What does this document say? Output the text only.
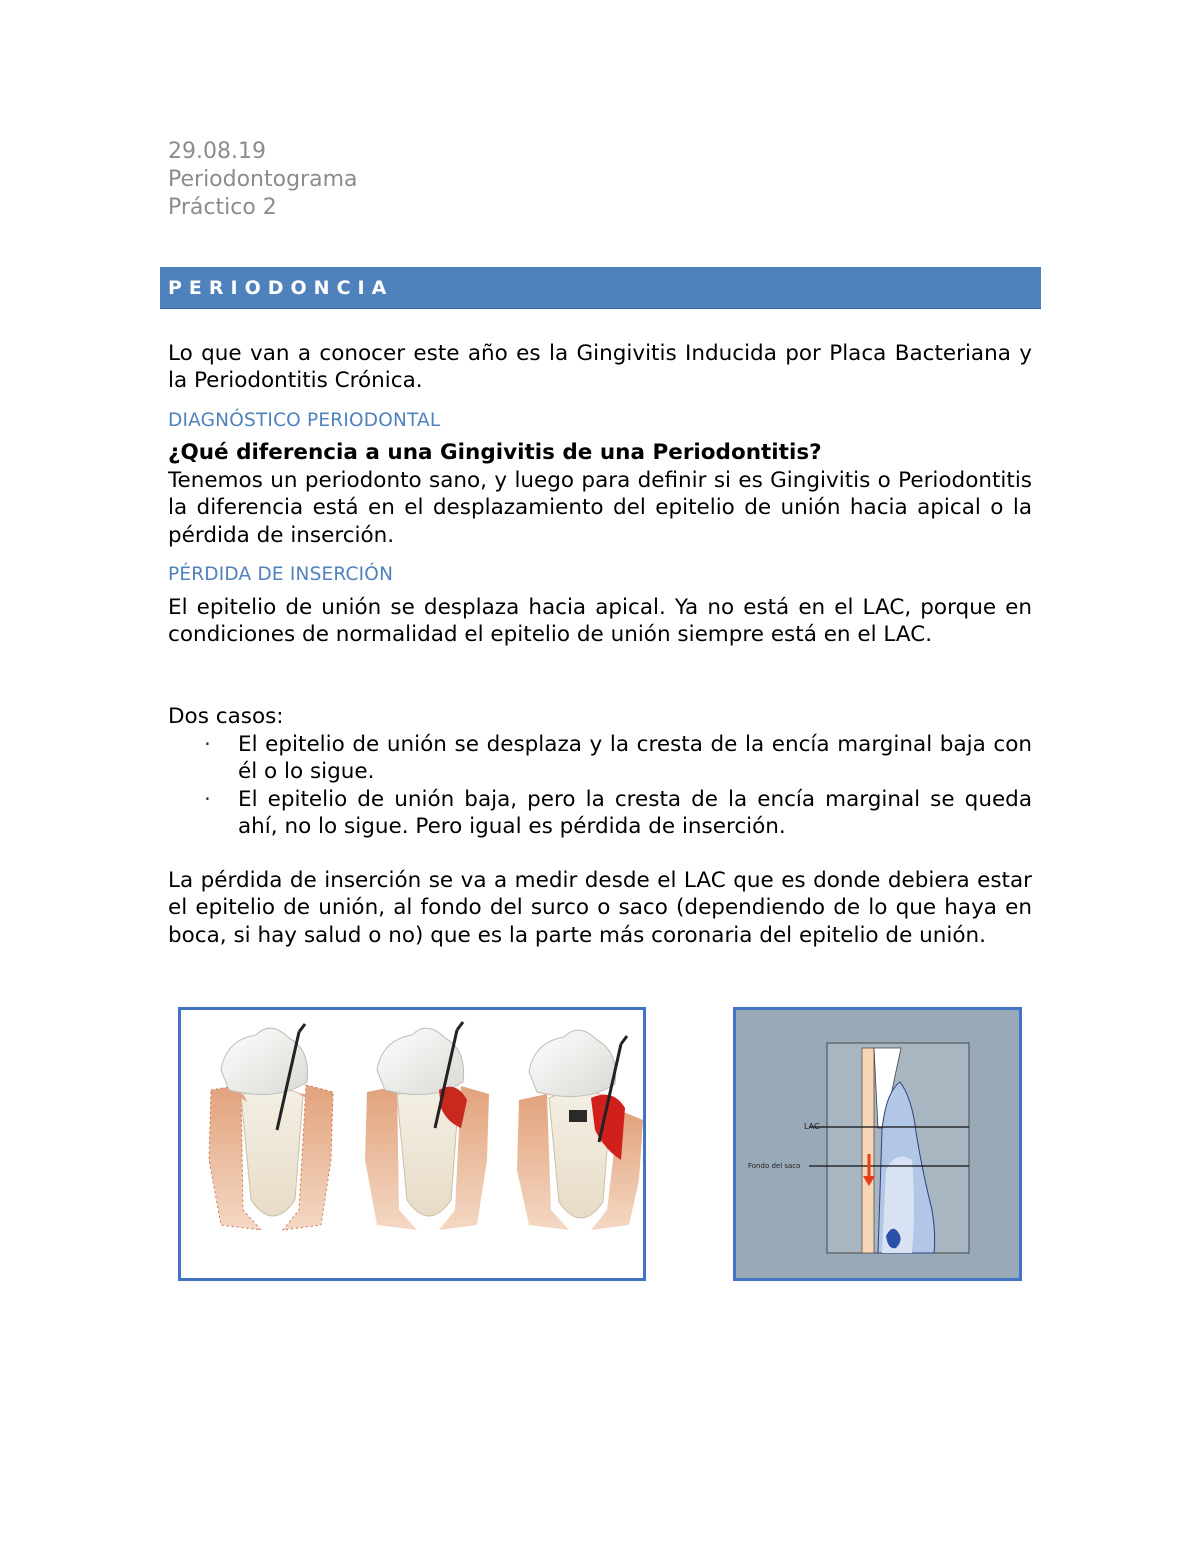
29.08.19
Periodontograma
Práctico 2
PERIODONCIA
Lo que van a conocer este año es la Gingivitis Inducida por Placa Bacteriana y la Periodontitis Crónica.
DIAGNÓSTICO PERIODONTAL
¿Qué diferencia a una Gingivitis de una Periodontitis?
Tenemos un periodonto sano, y luego para definir si es Gingivitis o Periodontitis la diferencia está en el desplazamiento del epitelio de unión hacia apical o la pérdida de inserción.
PÉRDIDA DE INSERCIÓN
El epitelio de unión se desplaza hacia apical. Ya no está en el LAC, porque en condiciones de normalidad el epitelio de unión siempre está en el LAC.
Dos casos:
· El epitelio de unión se desplaza y la cresta de la encía marginal baja con él o lo sigue.
· El epitelio de unión baja, pero la cresta de la encía marginal se queda ahí, no lo sigue. Pero igual es pérdida de inserción.
La pérdida de inserción se va a medir desde el LAC que es donde debiera estar el epitelio de unión, al fondo del surco o saco (dependiendo de lo que haya en boca, si hay salud o no) que es la parte más coronaria del epitelio de unión.
LAC
Fondo del saco
